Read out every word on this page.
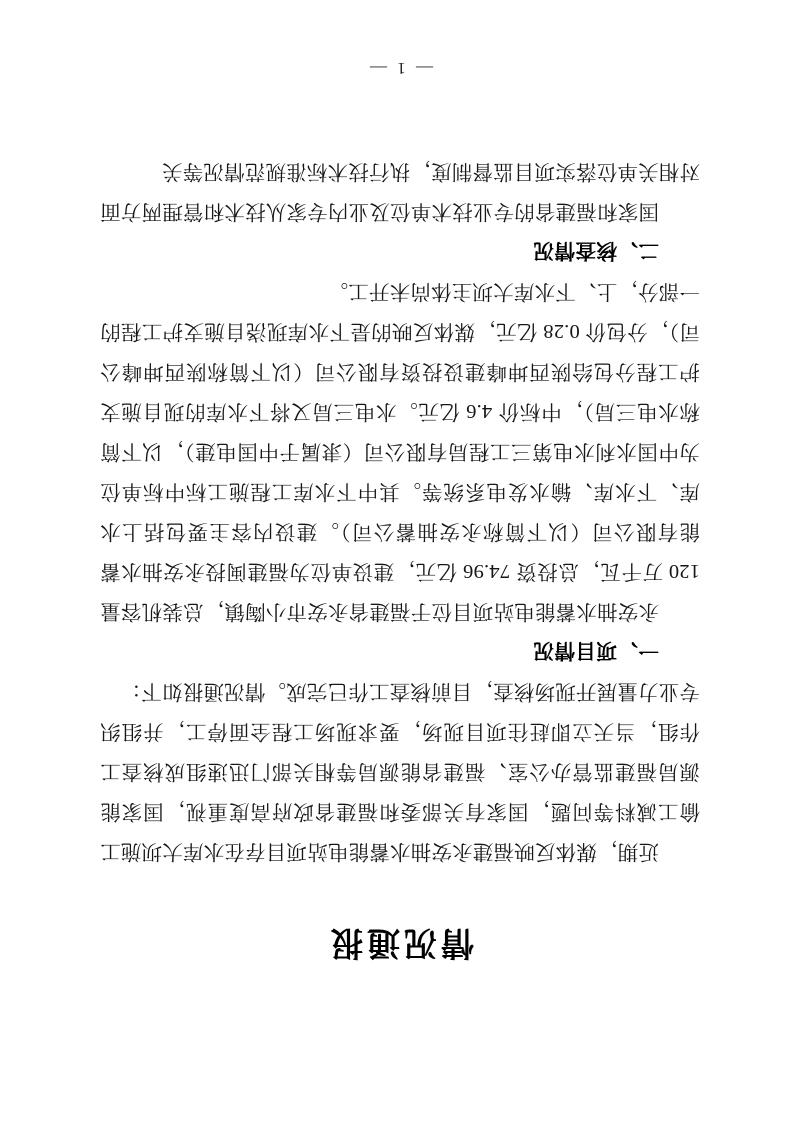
情况通报

近期，媒体反映福建永安抽水蓄能电站项目存在水库大坝施工偷工减料等问题，国家有关部委和福建省政府高度重视，国家能源局福建监管办公室、福建省能源局等相关部门迅速组成核查工作组，当天立即赶往项目现场，要求现场工程全面停工，并组织专业力量展开现场核查，目前核查工作已完成。情况通报如下：

一、项目情况

永安抽水蓄能电站项目位于福建省永安市小陶镇，总装机容量 120 万千瓦，总投资 74.96 亿元，建设单位为福建闽投永安抽水蓄能有限公司（以下简称永安抽蓄公司）。建设内容主要包括上水库、下水库、输水发电系统等。其中下水库工程施工标中标单位为中国水利水电第三工程局有限公司（隶属于中国电建），以下简称水电三局），中标价 4.6 亿元。水电三局又将下水库的现自施支护工程分包给陕西坤峰建设投资有限公司（以下简称陕西坤峰公司），分包价 0.28 亿元，媒体反映的是下水库现浇自施支护工程的一部分，上、下水库大坝主体尚未开工。

二、核查情况

国家和福建省的专业技术单位及业内专家从技术和管理两方面对相关单位落实项目监督制度，执行技术标准规范情况等关

— 1 —
